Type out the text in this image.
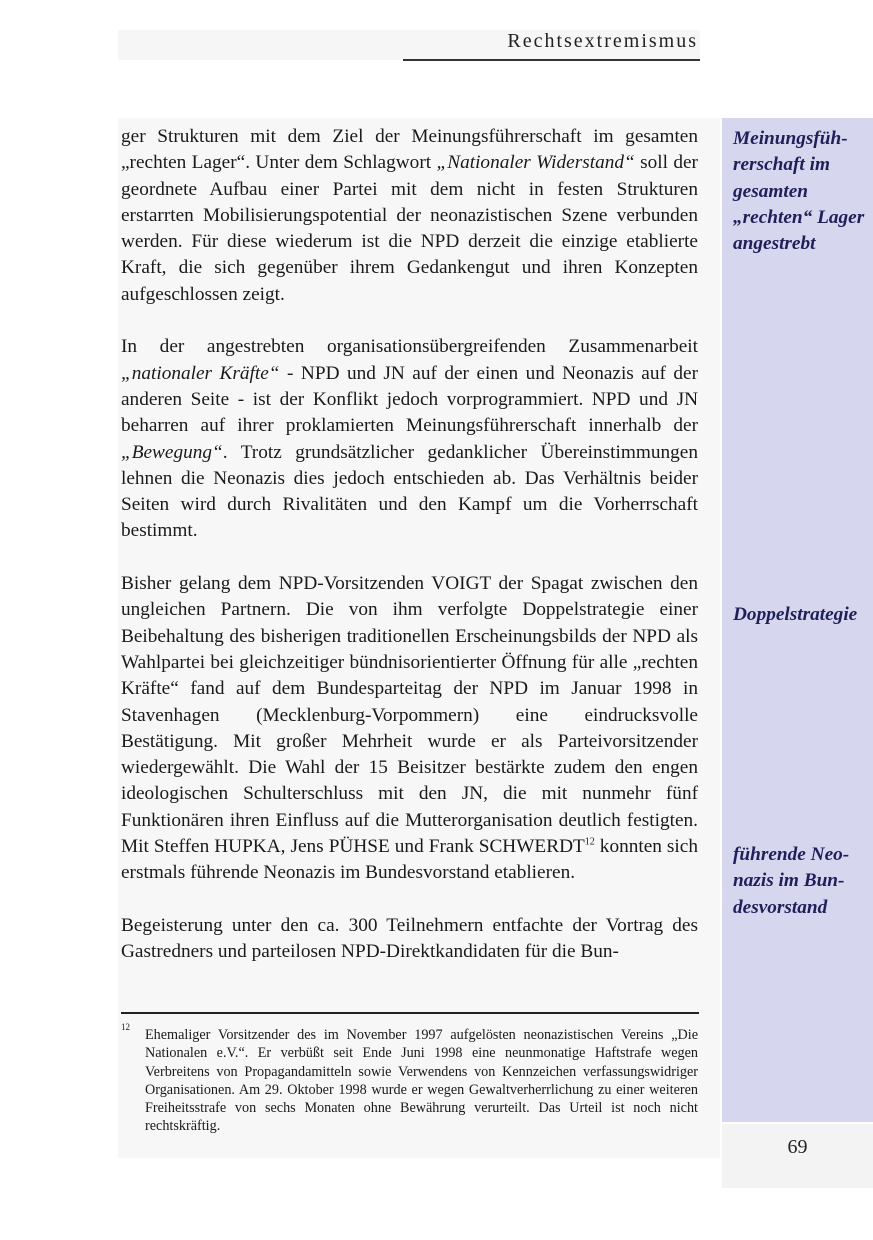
Rechtsextremismus
69

ger Strukturen mit dem Ziel der Meinungsführerschaft im gesamten „rechten Lager“. Unter dem Schlagwort „Nationaler Widerstand“ soll der geordnete Aufbau einer Partei mit dem nicht in festen Strukturen erstarrten Mobilisierungspotential der neonazistischen Szene verbunden werden. Für diese wiederum ist die NPD derzeit die einzige etablierte Kraft, die sich gegenüber ihrem Gedankengut und ihren Konzepten aufgeschlossen zeigt.

In der angestrebten organisationsübergreifenden Zusammenarbeit „nationaler Kräfte“ - NPD und JN auf der einen und Neonazis auf der anderen Seite - ist der Konflikt jedoch vorprogrammiert. NPD und JN beharren auf ihrer proklamierten Meinungsführerschaft innerhalb der „Bewegung“. Trotz grundsätzlicher gedanklicher Übereinstimmungen lehnen die Neonazis dies jedoch entschieden ab. Das Verhältnis beider Seiten wird durch Rivalitäten und den Kampf um die Vorherrschaft bestimmt.

Bisher gelang dem NPD-Vorsitzenden VOIGT der Spagat zwischen den ungleichen Partnern. Die von ihm verfolgte Doppelstrategie einer Beibehaltung des bisherigen traditionellen Erscheinungsbilds der NPD als Wahlpartei bei gleichzeitiger bündnisorientierter Öffnung für alle „rechten Kräfte“ fand auf dem Bundesparteitag der NPD im Januar 1998 in Stavenhagen (Mecklenburg-Vorpommern) eine eindrucksvolle Bestätigung. Mit großer Mehrheit wurde er als Parteivorsitzender wiedergewählt. Die Wahl der 15 Beisitzer bestärkte zudem den engen ideologischen Schulterschluss mit den JN, die mit nunmehr fünf Funktionären ihren Einfluss auf die Mutterorganisation deutlich festigten. Mit Steffen HUPKA, Jens PÜHSE und Frank SCHWERDT$^{12}$ konnten sich erstmals führende Neonazis im Bundesvorstand etablieren.

Begeisterung unter den ca. 300 Teilnehmern entfachte der Vortrag des Gastredners und parteilosen NPD-Direktkandidaten für die Bun-

Meinungsführerschaft im gesamten „rechten“ Lager angestrebt
Doppelstrategie
führende Neonazis im Bundesvorstand
12 Ehemaliger Vorsitzender des im November 1997 aufgelösten neonazistischen Vereins „Die Nationalen e.V.“. Er verbüßt seit Ende Juni 1998 eine neunmonatige Haftstrafe wegen Verbreitens von Propagandamitteln sowie Verwendens von Kennzeichen verfassungswidriger Organisationen. Am 29. Oktober 1998 wurde er wegen Gewaltverherrlichung zu einer weiteren Freiheitsstrafe von sechs Monaten ohne Bewährung verurteilt. Das Urteil ist noch nicht rechtskräftig.
